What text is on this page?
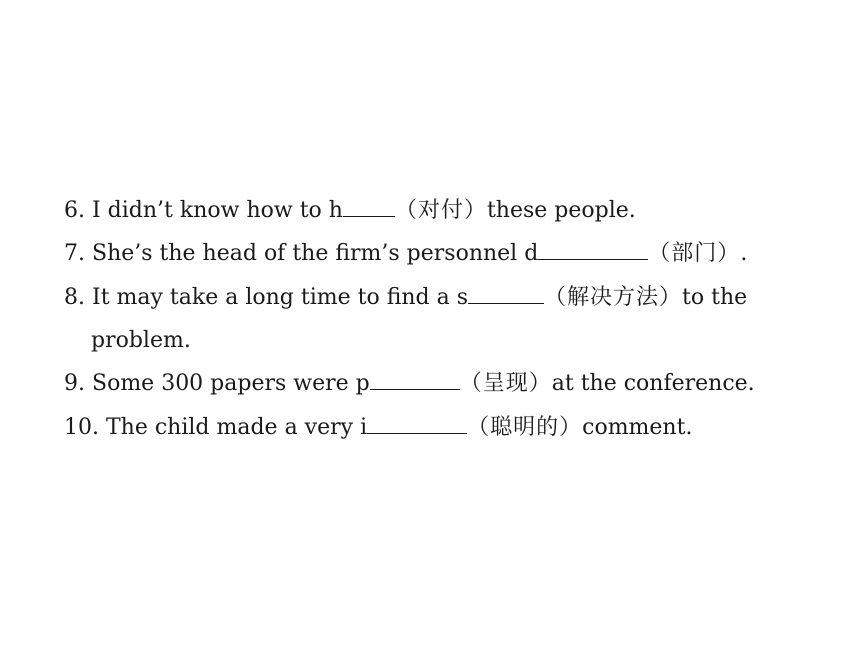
6. I didn’t know how to h （对付）these people.
7. She’s the head of the firm’s personnel d	（部门）.
8. It may take a long time to find a s	（解决方法）to the
problem.
9. Some 300 papers were p	（呈现）at the conference.
10. The child made a very i	（聪明的）comment.
